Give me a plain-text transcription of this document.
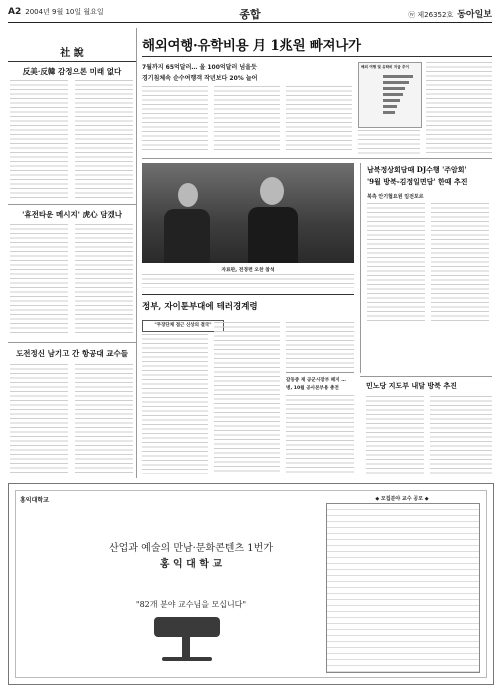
A2 2004년 9월 10일 월요일	종합	ⓦ 제26352호 동아일보
社 說
反美·反韓 감정으론 미래 없다
'휴전타운 메시지' 虎心 담겠나
도전정신 남기고 간 항공대 교수들
해외여행·유학비용 月 1兆원 빠져나가
7월까지 65억달러… 올 100억달러 넘을듯
경기침체속 순수여행객 작년보다 20% 늘어
해외 여행 및 유학비 지급 추이
자료판, 전경련 오찬 참석
남북정상회담때 DJ수행 '주암회'
'9월 방북-김정일면담' 한때 추진
북측 안기협요원 임전포르
정부, 자이툰부대에 테러경계령
"무장단체 접근 신상의 결국"
갈동중 재 공군시장부 패지 …
병, 10월 공사본부용 총전	민노당 지도부 내달 방북 추진
홍익대학교
산업과 예술의 만남·문화콘텐츠 1번가
홍 익 대 학 교
"82개 분야 교수님을 모십니다"
◆ 모집분야 교수 공모 ◆
